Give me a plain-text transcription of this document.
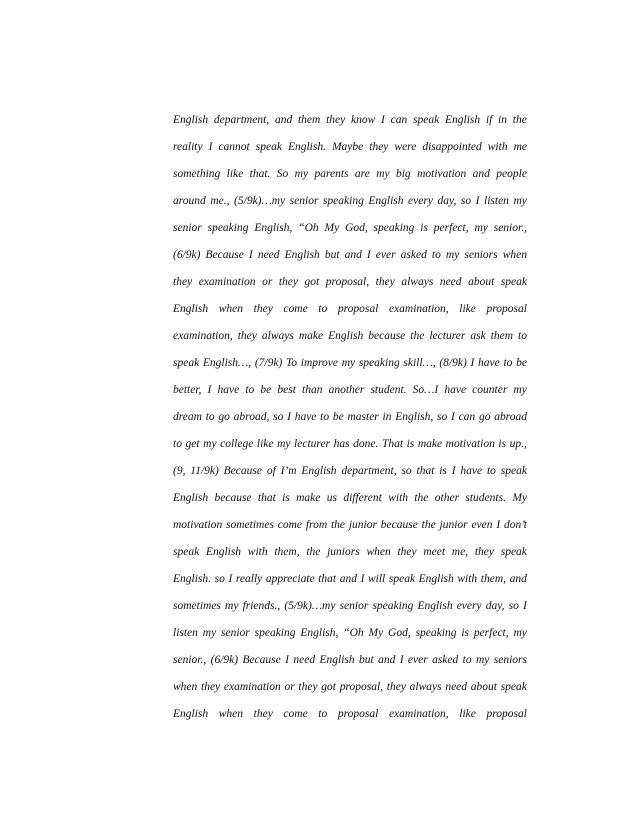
English department, and them they know I can speak English if in the
reality I cannot speak English. Maybe they were disappointed with me
something like that. So my parents are my big motivation and people
around me., (5/9k)…my senior speaking English every day, so I listen my
senior speaking English, “Oh My God, speaking is perfect, my senior.,
(6/9k) Because I need English but and I ever asked to my seniors when
they examination or they got proposal, they always need about speak
English when they come to proposal examination, like proposal
examination, they always make English because the lecturer ask them to
speak English…, (7/9k) To improve my speaking skill…, (8/9k) I have to be
better, I have to be best than another student. So…I have counter my
dream to go abroad, so I have to be master in English, so I can go abroad
to get my college like my lecturer has done. That is make motivation is up.,
(9, 11/9k) Because of I’m English department, so that is I have to speak
English because that is make us different with the other students. My
motivation sometimes come from the junior because the junior even I don’t
speak English with them, the juniors when they meet me, they speak
English. so I really appreciate that and I will speak English with them, and
sometimes my friends., (5/9k)…my senior speaking English every day, so I
listen my senior speaking English, “Oh My God, speaking is perfect, my
senior., (6/9k) Because I need English but and I ever asked to my seniors
when they examination or they got proposal, they always need about speak
English when they come to proposal examination, like proposal
